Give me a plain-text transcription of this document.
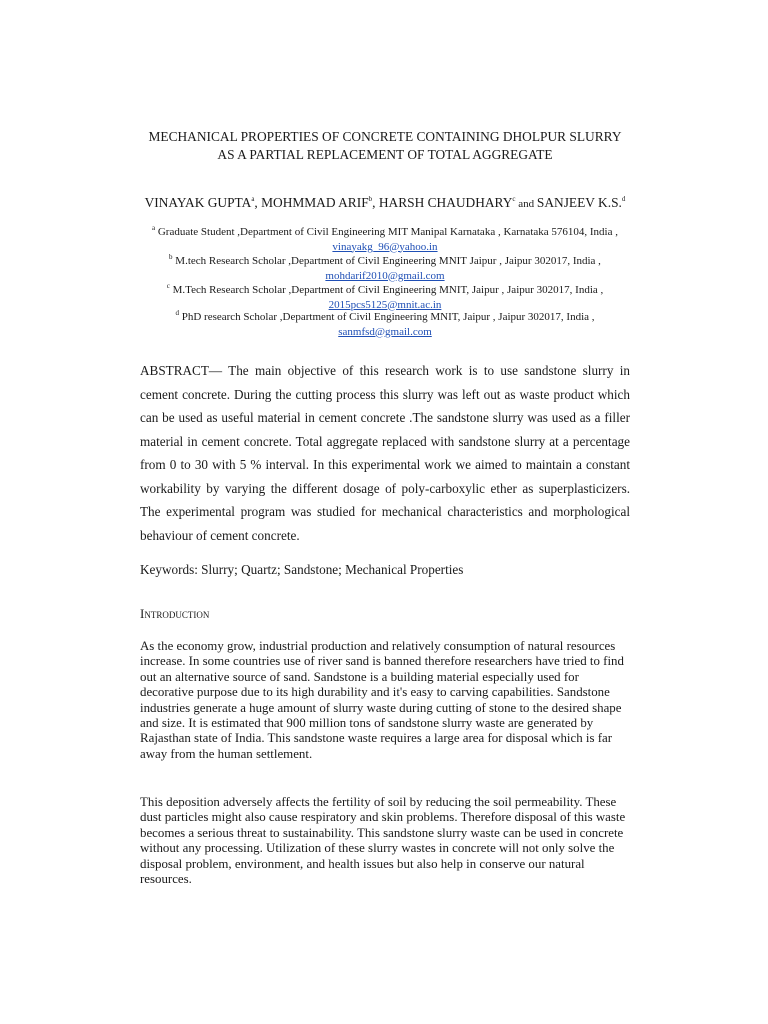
MECHANICAL PROPERTIES OF CONCRETE CONTAINING DHOLPUR SLURRY AS A PARTIAL REPLACEMENT OF TOTAL AGGREGATE

VINAYAK GUPTA$^a$, MOHMMAD ARIF$^b$, HARSH CHAUDHARY$^c$ and SANJEEV K.S.$^d$

$^a$ Graduate Student ,Department of Civil Engineering MIT Manipal Karnataka , Karnataka 576104, India , vinayakg_96@yahoo.in

$^b$ M.tech Research Scholar ,Department of Civil Engineering MNIT Jaipur , Jaipur 302017, India , mohdarif2010@gmail.com

$^c$ M.Tech Research Scholar ,Department of Civil Engineering MNIT, Jaipur , Jaipur 302017, India , 2015pcs5125@mnit.ac.in

$^d$ PhD research Scholar ,Department of Civil Engineering MNIT, Jaipur , Jaipur 302017, India , sanmfsd@gmail.com

ABSTRACT— The main objective of this research work is to use sandstone slurry in cement concrete. During the cutting process this slurry was left out as waste product which can be used as useful material in cement concrete .The sandstone slurry was used as a filler material in cement concrete. Total aggregate replaced with sandstone slurry at a percentage from 0 to 30 with 5 % interval. In this experimental work we aimed to maintain a constant workability by varying the different dosage of poly-carboxylic ether as superplasticizers. The experimental program was studied for mechanical characteristics and morphological behaviour of cement concrete.

Keywords: Slurry; Quartz; Sandstone; Mechanical Properties

Introduction

As the economy grow, industrial production and relatively consumption of natural resources increase. In some countries use of river sand is banned therefore researchers have tried to find out an alternative source of sand. Sandstone is a building material especially used for decorative purpose due to its high durability and it's easy to carving capabilities. Sandstone industries generate a huge amount of slurry waste during cutting of stone to the desired shape and size. It is estimated that 900 million tons of sandstone slurry waste are generated by Rajasthan state of India. This sandstone waste requires a large area for disposal which is far away from the human settlement.

This deposition adversely affects the fertility of soil by reducing the soil permeability. These dust particles might also cause respiratory and skin problems. Therefore disposal of this waste becomes a serious threat to sustainability. This sandstone slurry waste can be used in concrete without any processing. Utilization of these slurry wastes in concrete will not only solve the disposal problem, environment, and health issues but also help in conserve our natural resources.
